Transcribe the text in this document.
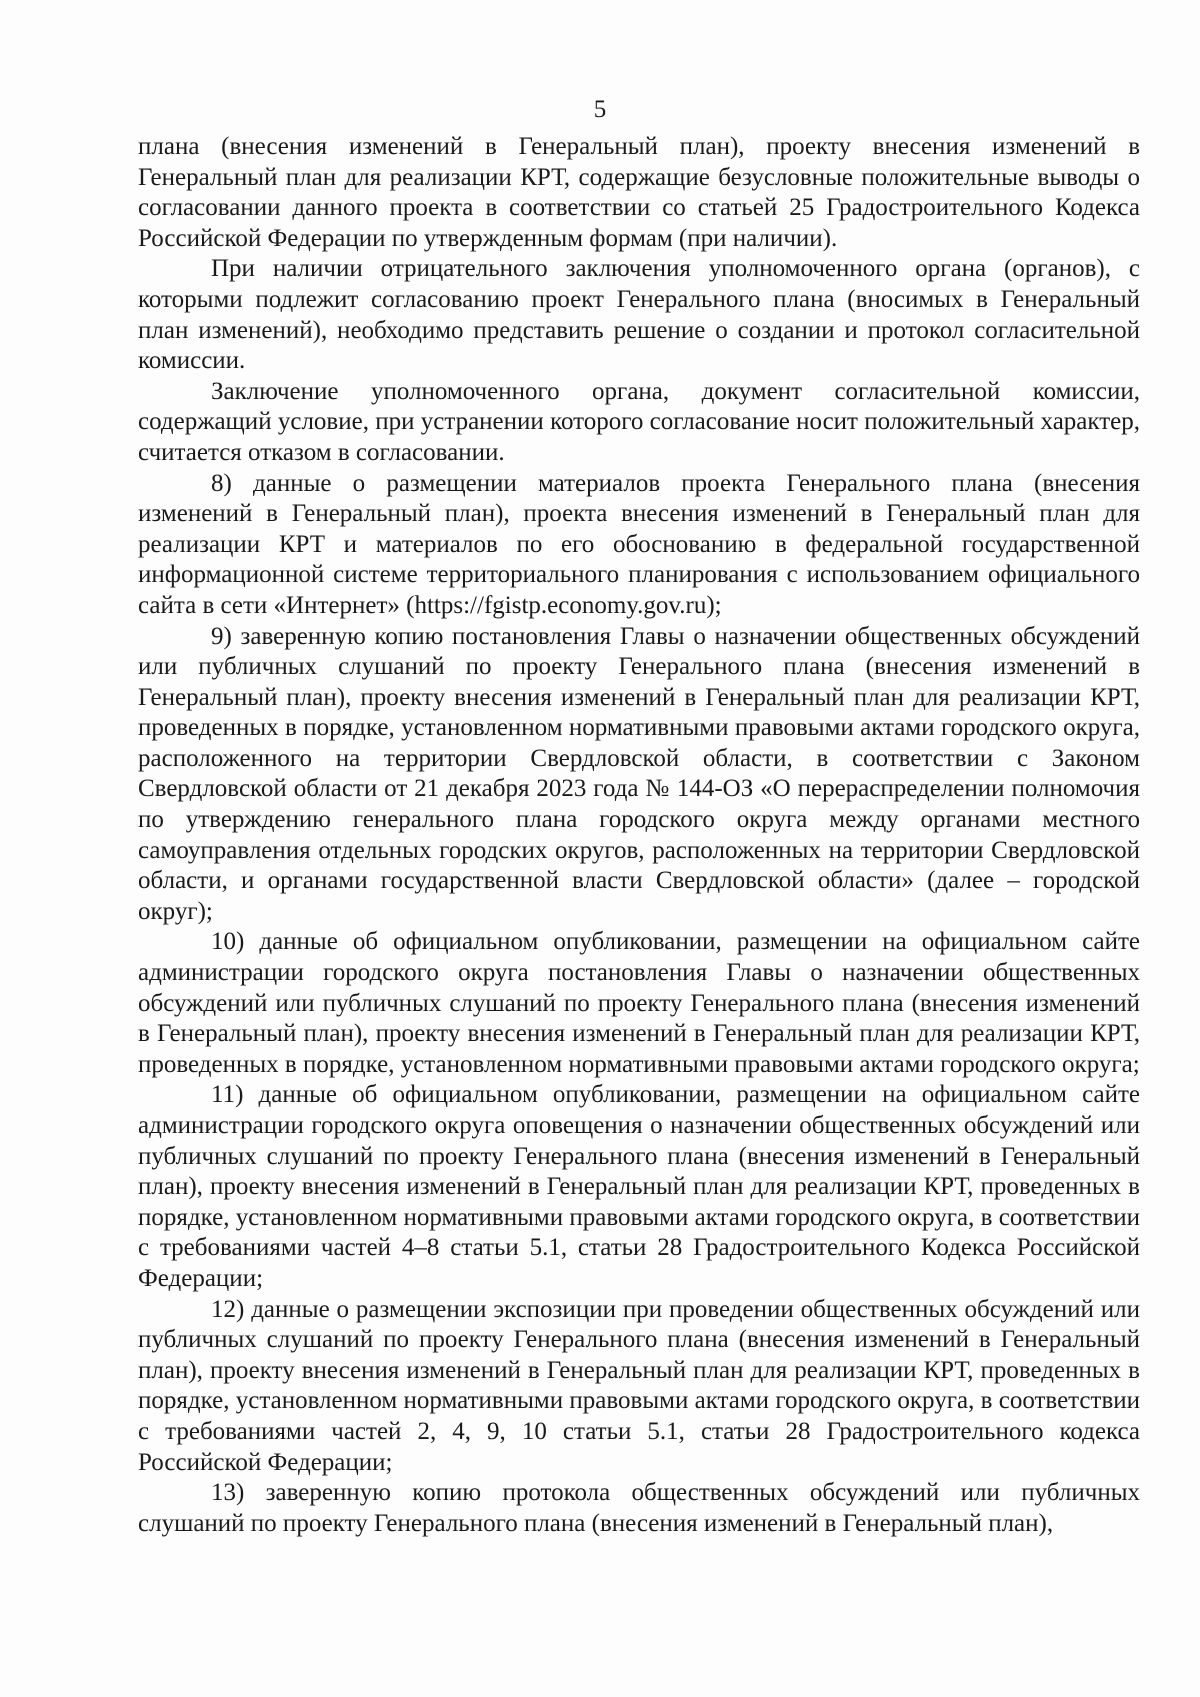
5

плана (внесения изменений в Генеральный план), проекту внесения изменений в Генеральный план для реализации КРТ, содержащие безусловные положительные выводы о согласовании данного проекта в соответствии со статьей 25 Градостроительного Кодекса Российской Федерации по утвержденным формам (при наличии).

При наличии отрицательного заключения уполномоченного органа (органов), с которыми подлежит согласованию проект Генерального плана (вносимых в Генеральный план изменений), необходимо представить решение о создании и протокол согласительной комиссии.

Заключение уполномоченного органа, документ согласительной комиссии, содержащий условие, при устранении которого согласование носит положительный характер, считается отказом в согласовании.

8) данные о размещении материалов проекта Генерального плана (внесения изменений в Генеральный план), проекта внесения изменений в Генеральный план для реализации КРТ и материалов по его обоснованию в федеральной государственной информационной системе территориального планирования с использованием официального сайта в сети «Интернет» (https://fgistp.economy.gov.ru);

9) заверенную копию постановления Главы о назначении общественных обсуждений или публичных слушаний по проекту Генерального плана (внесения изменений в Генеральный план), проекту внесения изменений в Генеральный план для реализации КРТ, проведенных в порядке, установленном нормативными правовыми актами городского округа, расположенного на территории Свердловской области, в соответствии с Законом Свердловской области от 21 декабря 2023 года № 144-ОЗ «О перераспределении полномочия по утверждению генерального плана городского округа между органами местного самоуправления отдельных городских округов, расположенных на территории Свердловской области, и органами государственной власти Свердловской области» (далее – городской округ);

10) данные об официальном опубликовании, размещении на официальном сайте администрации городского округа постановления Главы о назначении общественных обсуждений или публичных слушаний по проекту Генерального плана (внесения изменений в Генеральный план), проекту внесения изменений в Генеральный план для реализации КРТ, проведенных в порядке, установленном нормативными правовыми актами городского округа;

11) данные об официальном опубликовании, размещении на официальном сайте администрации городского округа оповещения о назначении общественных обсуждений или публичных слушаний по проекту Генерального плана (внесения изменений в Генеральный план), проекту внесения изменений в Генеральный план для реализации КРТ, проведенных в порядке, установленном нормативными правовыми актами городского округа, в соответствии с требованиями частей 4–8 статьи 5.1, статьи 28 Градостроительного Кодекса Российской Федерации;

12) данные о размещении экспозиции при проведении общественных обсуждений или публичных слушаний по проекту Генерального плана (внесения изменений в Генеральный план), проекту внесения изменений в Генеральный план для реализации КРТ, проведенных в порядке, установленном нормативными правовыми актами городского округа, в соответствии с требованиями частей 2, 4, 9, 10 статьи 5.1, статьи 28 Градостроительного кодекса Российской Федерации;

13) заверенную копию протокола общественных обсуждений или публичных слушаний по проекту Генерального плана (внесения изменений в Генеральный план),
